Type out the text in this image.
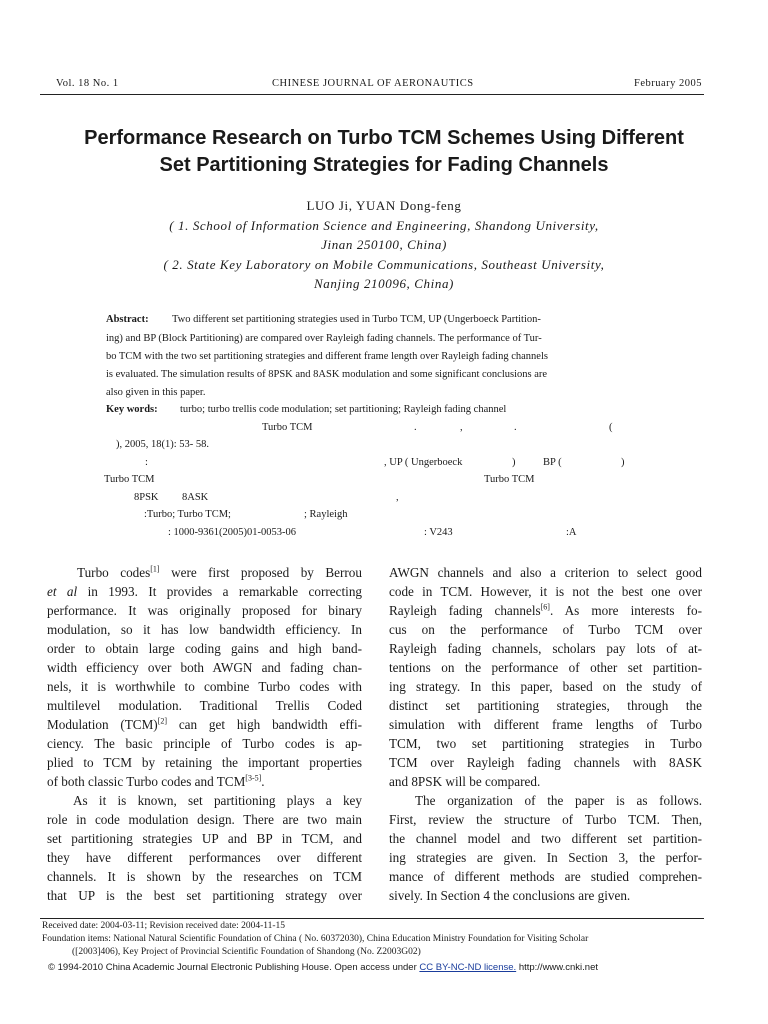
Vol. 18 No. 1	CHINESE JOURNAL OF AERONAUTICS	February 2005
Performance Research on Turbo TCM Schemes Using Different
Set Partitioning Strategies for Fading Channels
LUO Ji, YUAN Dong-feng
( 1. School of Information Science and Engineering, Shandong University,
Jinan 250100, China)
( 2. State Key Laboratory on Mobile Communications, Southeast University,
Nanjing 210096, China)
Abstract: Two different set partitioning strategies used in Turbo TCM, UP (Ungerboeck Partition-
ing) and BP (Block Partitioning) are compared over Rayleigh fading channels. The performance of Tur-
bo TCM with the two set partitioning strategies and different frame length over Rayleigh fading channels
is evaluated. The simulation results of 8PSK and 8ASK modulation and some significant conclusions are
also given in this paper.
Key words: turbo; turbo trellis code modulation; set partitioning; Rayleigh fading channel
Turbo TCM	.	,	.	(
), 2005, 18(1): 53- 58.
:	, UP ( Ungerboeck	)	BP (	)
Turbo TCM	Turbo TCM
8PSK 8ASK	,
:Turbo; Turbo TCM;	; Rayleigh
: 1000-9361(2005)01-0053-06	: V243	:A
Turbo codes[1] were first proposed by Berrou
et al in 1993. It provides a remarkable correcting
performance. It was originally proposed for binary
modulation, so it has low bandwidth efficiency. In
order to obtain large coding gains and high band-
width efficiency over both AWGN and fading chan-
nels, it is worthwhile to combine Turbo codes with
multilevel modulation. Traditional Trellis Coded
Modulation (TCM)[2] can get high bandwidth effi-
ciency. The basic principle of Turbo codes is ap-
plied to TCM by retaining the important properties
of both classic Turbo codes and TCM[3-5].
As it is known, set partitioning plays a key
role in code modulation design. There are two main
set partitioning strategies UP and BP in TCM, and
they have different performances over different
channels. It is shown by the researches on TCM
that UP is the best set partitioning strategy over
AWGN channels and also a criterion to select good
code in TCM. However, it is not the best one over
Rayleigh fading channels[6]. As more interests fo-
cus on the performance of Turbo TCM over
Rayleigh fading channels, scholars pay lots of at-
tentions on the performance of other set partition-
ing strategy. In this paper, based on the study of
distinct set partitioning strategies, through the
simulation with different frame lengths of Turbo
TCM, two set partitioning strategies in Turbo
TCM over Rayleigh fading channels with 8ASK
and 8PSK will be compared.
The organization of the paper is as follows.
First, review the structure of Turbo TCM. Then,
the channel model and two different set partition-
ing strategies are given. In Section 3, the perfor-
mance of different methods are studied comprehen-
sively. In Section 4 the conclusions are given.
Received date: 2004-03-11; Revision received date: 2004-11-15
Foundation items: National Natural Scientific Foundation of China ( No. 60372030), China Education Ministry Foundation for Visiting Scholar
([2003]406), Key Project of Provincial Scientific Foundation of Shandong (No. Z2003G02)
© 1994-2010 China Academic Journal Electronic Publishing House. Open access under CC BY-NC-ND license. http://www.cnki.net
